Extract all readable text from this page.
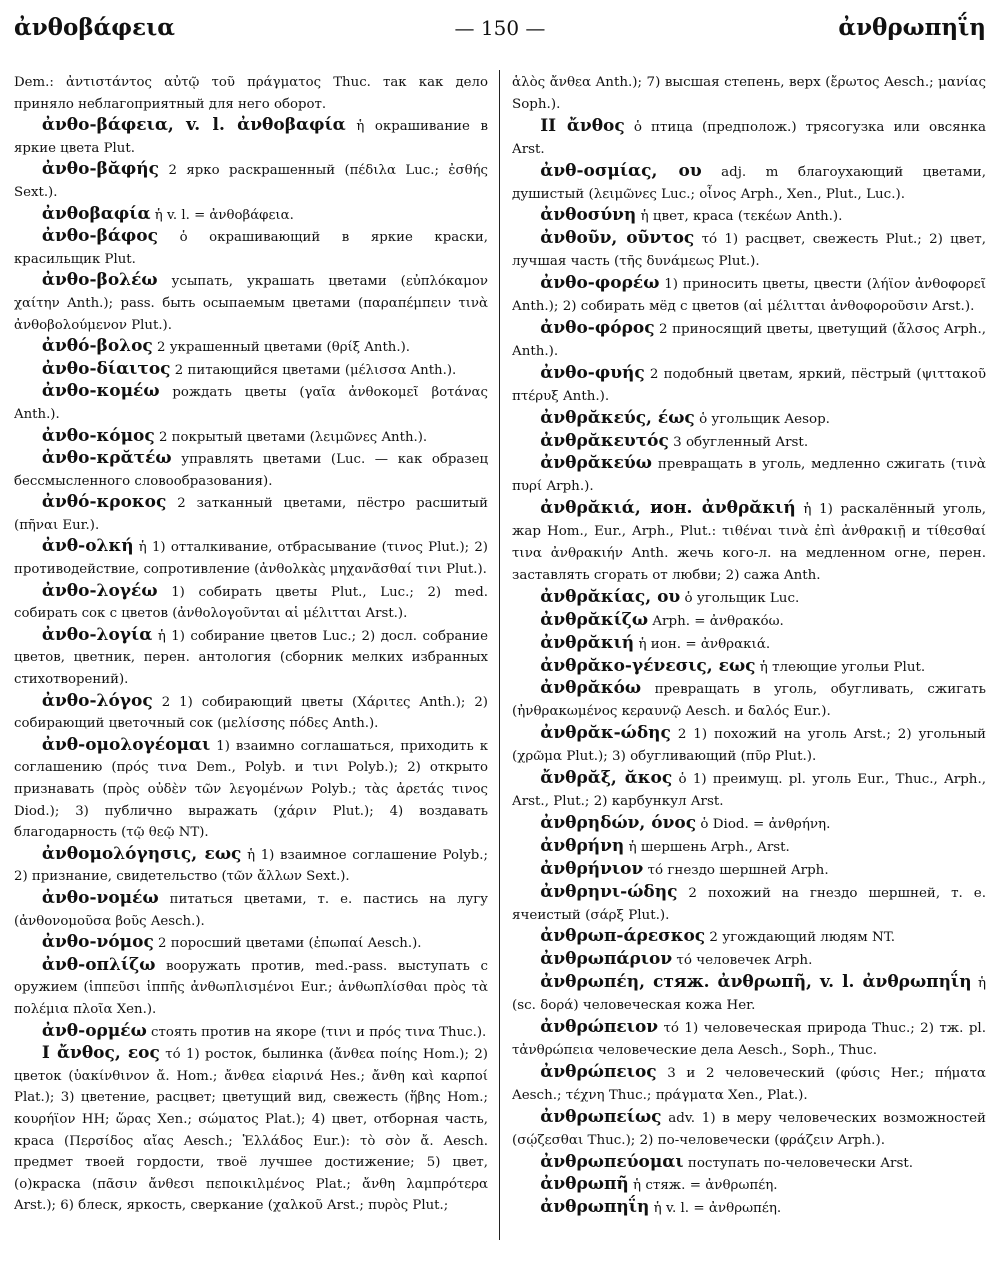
ἀνθοβάφεια	— 150 —	ἀνθρωπηΐη

Dem.: ἀντιστάντος αὐτῷ τοῦ πράγματος Thuc. так как дело приняло неблагоприятный для него оборот.

ἀνθο-βάφεια, v. l. ἀνθοβαφία ἡ окрашивание в яркие цвета Plut.

ἀνθο-βᾰφής 2 ярко раскрашенный (πέδιλα Luc.; ἐσθής Sext.).

ἀνθοβαφία ἡ v. l. = ἀνθοβάφεια.

ἀνθο-βάφος ὁ окрашивающий в яркие краски, красильщик Plut.

ἀνθο-βολέω усыпать, украшать цветами (εὐπλόκαμον χαίτην Anth.); pass. быть осыпаемым цветами (παραπέμπειν τινὰ ἀνθοβολούμενον Plut.).

ἀνθό-βολος 2 украшенный цветами (θρίξ Anth.).

ἀνθο-δίαιτος 2 питающийся цветами (μέλισσα Anth.).

ἀνθο-κομέω рождать цветы (γαῖα ἀνθοκομεῖ βοτάνας Anth.).

ἀνθο-κόμος 2 покрытый цветами (λειμῶνες Anth.).

ἀνθο-κρᾰτέω управлять цветами (Luc. — как образец бессмысленного словообразования).

ἀνθό-κροκος 2 затканный цветами, пёстро расшитый (πῆναι Eur.).

ἀνθ-ολκή ἡ 1) отталкивание, отбрасывание (τινος Plut.); 2) противодействие, сопротивление (ἀνθολκὰς μηχανᾶσθαί τινι Plut.).

ἀνθο-λογέω 1) собирать цветы Plut., Luc.; 2) med. собирать сок с цветов (ἀνθολογοῦνται αἱ μέλιτται Arst.).

ἀνθο-λογία ἡ 1) собирание цветов Luc.; 2) досл. собрание цветов, цветник, перен. антология (сборник мелких избранных стихотворений).

ἀνθο-λόγος 2 1) собирающий цветы (Χάριτες Anth.); 2) собирающий цветочный сок (μελίσσης πόδες Anth.).

ἀνθ-ομολογέομαι 1) взаимно соглашаться, приходить к соглашению (πρός τινα Dem., Polyb. и τινι Polyb.); 2) открыто признавать (πρὸς οὐδὲν τῶν λεγομένων Polyb.; τὰς ἀρετάς τινος Diod.); 3) публично выражать (χάριν Plut.); 4) воздавать благодарность (τῷ θεῷ NT).

ἀνθομολόγησις, εως ἡ 1) взаимное соглашение Polyb.; 2) признание, свидетельство (τῶν ἄλλων Sext.).

ἀνθο-νομέω питаться цветами, т. е. пастись на лугу (ἀνθονομοῦσα βοῦς Aesch.).

ἀνθο-νόμος 2 поросший цветами (ἐπωπαί Aesch.).

ἀνθ-οπλίζω вооружать против, med.-pass. выступать с оружием (ἱππεῦσι ἱππῆς ἀνθωπλισμένοι Eur.; ἀνθωπλίσθαι πρὸς τὰ πολέμια πλοῖα Xen.).

ἀνθ-ορμέω стоять против на якоре (τινι и πρός τινα Thuc.).

I ἄνθος, εος τό 1) росток, былинка (ἄνθεα ποίης Hom.); 2) цветок (ὑακίνθινον ἄ. Hom.; ἄνθεα εἰαρινά Hes.; ἄνθη καὶ καρποί Plat.); 3) цветение, расцвет; цветущий вид, свежесть (ἥβης Hom.; κουρήϊον ΗΗ; ὥρας Xen.; σώματος Plat.); 4) цвет, отборная часть, краса (Περσίδος αἴας Aesch.; Ἑλλάδος Eur.): τὸ σὸν ἄ. Aesch. предмет твоей гордости, твоё лучшее достижение; 5) цвет, (о)краска (πᾶσιν ἄνθεσι πεποικιλμένος Plat.; ἄνθη λαμπρότερα Arst.); 6) блеск, яркость, сверкание (χαλκοῦ Arst.; πυρὸς Plut.;

ἁλὸς ἄνθεα Anth.); 7) высшая степень, верх (ἔρωτος Aesch.; μανίας Soph.).

II ἄνθος ὁ птица (предполож.) трясогузка или овсянка Arst.

ἀνθ-οσμίας, ου adj. m благоухающий цветами, душистый (λειμῶνες Luc.; οἶνος Arph., Xen., Plut., Luc.).

ἀνθοσύνη ἡ цвет, краса (τεκέων Anth.).

ἀνθοῦν, οῦντος τό 1) расцвет, свежесть Plut.; 2) цвет, лучшая часть (τῆς δυνάμεως Plut.).

ἀνθο-φορέω 1) приносить цветы, цвести (λήϊον ἀνθοφορεῖ Anth.); 2) собирать мёд с цветов (αἱ μέλιτται ἀνθοφοροῦσιν Arst.).

ἀνθο-φόρος 2 приносящий цветы, цветущий (ἄλσος Arph., Anth.).

ἀνθο-φυής 2 подобный цветам, яркий, пёстрый (ψιττακοῦ πτέρυξ Anth.).

ἀνθρᾰκεύς, έως ὁ угольщик Aesop.

ἀνθρᾰκευτός 3 обугленный Arst.

ἀνθρᾰκεύω превращать в уголь, медленно сжигать (τινὰ πυρί Arph.).

ἀνθρᾰκιά, ион. ἀνθρᾰκιή ἡ 1) раскалённый уголь, жар Hom., Eur., Arph., Plut.: τιθέναι τινὰ ἐπὶ ἀνθρακιῇ и τίθεσθαί τινα ἀνθρακιήν Anth. жечь кого-л. на медленном огне, перен. заставлять сгорать от любви; 2) сажа Anth.

ἀνθρᾰκίας, ου ὁ угольщик Luc.

ἀνθρᾰκίζω Arph. = ἀνθρακόω.

ἀνθρᾰκιή ἡ ион. = ἀνθρακιά.

ἀνθρᾰκο-γένεσις, εως ἡ тлеющие угольи Plut.

ἀνθρᾰκόω превращать в уголь, обугливать, сжигать (ἠνθρακωμένος κεραυνῷ Aesch. и δαλός Eur.).

ἀνθρᾰκ-ώδης 2 1) похожий на уголь Arst.; 2) угольный (χρῶμα Plut.); 3) обугливающий (πῦρ Plut.).

ἄνθρᾰξ, ᾰκος ὁ 1) преимущ. pl. уголь Eur., Thuc., Arph., Arst., Plut.; 2) карбункул Arst.

ἀνθρηδών, όνος ὁ Diod. = ἀνθρήνη.

ἀνθρήνη ἡ шершень Arph., Arst.

ἀνθρήνιον τό гнездо шершней Arph.

ἀνθρηνι-ώδης 2 похожий на гнездо шершней, т. е. ячеистый (σάρξ Plut.).

ἀνθρωπ-άρεσκος 2 угождающий людям NT.

ἀνθρωπάριον τό человечек Arph.

ἀνθρωπέη, стяж. ἀνθρωπῆ, v. l. ἀνθρωπηΐη ἡ (sc. δορά) человеческая кожа Her.

ἀνθρώπειον τό 1) человеческая природа Thuc.; 2) тж. pl. τἀνθρώπεια человеческие дела Aesch., Soph., Thuc.

ἀνθρώπειος 3 и 2 человеческий (φύσις Her.; πήματα Aesch.; τέχνη Thuc.; πράγματα Xen., Plat.).

ἀνθρωπείως adv. 1) в меру человеческих возможностей (σῴζεσθαι Thuc.); 2) по-человечески (φράζειν Arph.).

ἀνθρωπεύομαι поступать по-человечески Arst.

ἀνθρωπῆ ἡ стяж. = ἀνθρωπέη.

ἀνθρωπηΐη ἡ v. l. = ἀνθρωπέη.
